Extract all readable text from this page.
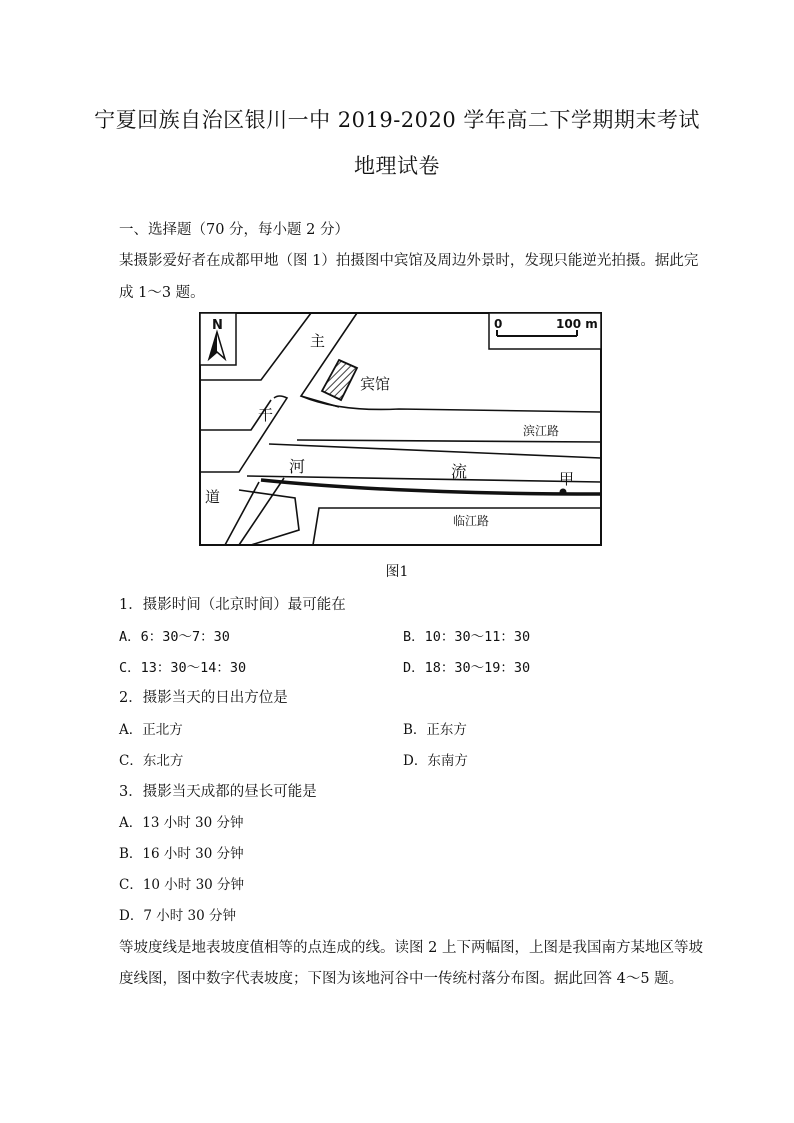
宁夏回族自治区银川一中 2019-2020 学年高二下学期期末考试
地理试卷
一、选择题（70 分，每小题 2 分）
某摄影爱好者在成都甲地（图 1）拍摄图中宾馆及周边外景时，发现只能逆光拍摄。据此完
成 1～3 题。
N	0	100 m
主
干
道
宾馆
滨江路
河	流	甲
临江路
图1
1．摄影时间（北京时间）最可能在
A．6：30～7：30	B．10：30～11：30
C．13：30～14：30	D．18：30～19：30
2．摄影当天的日出方位是
A．正北方	B．正东方
C．东北方	D．东南方
3．摄影当天成都的昼长可能是
A．13 小时 30 分钟
B．16 小时 30 分钟
C．10 小时 30 分钟
D．7 小时 30 分钟
等坡度线是地表坡度值相等的点连成的线。读图 2 上下两幅图，上图是我国南方某地区等坡
度线图，图中数字代表坡度；下图为该地河谷中一传统村落分布图。据此回答 4～5 题。
